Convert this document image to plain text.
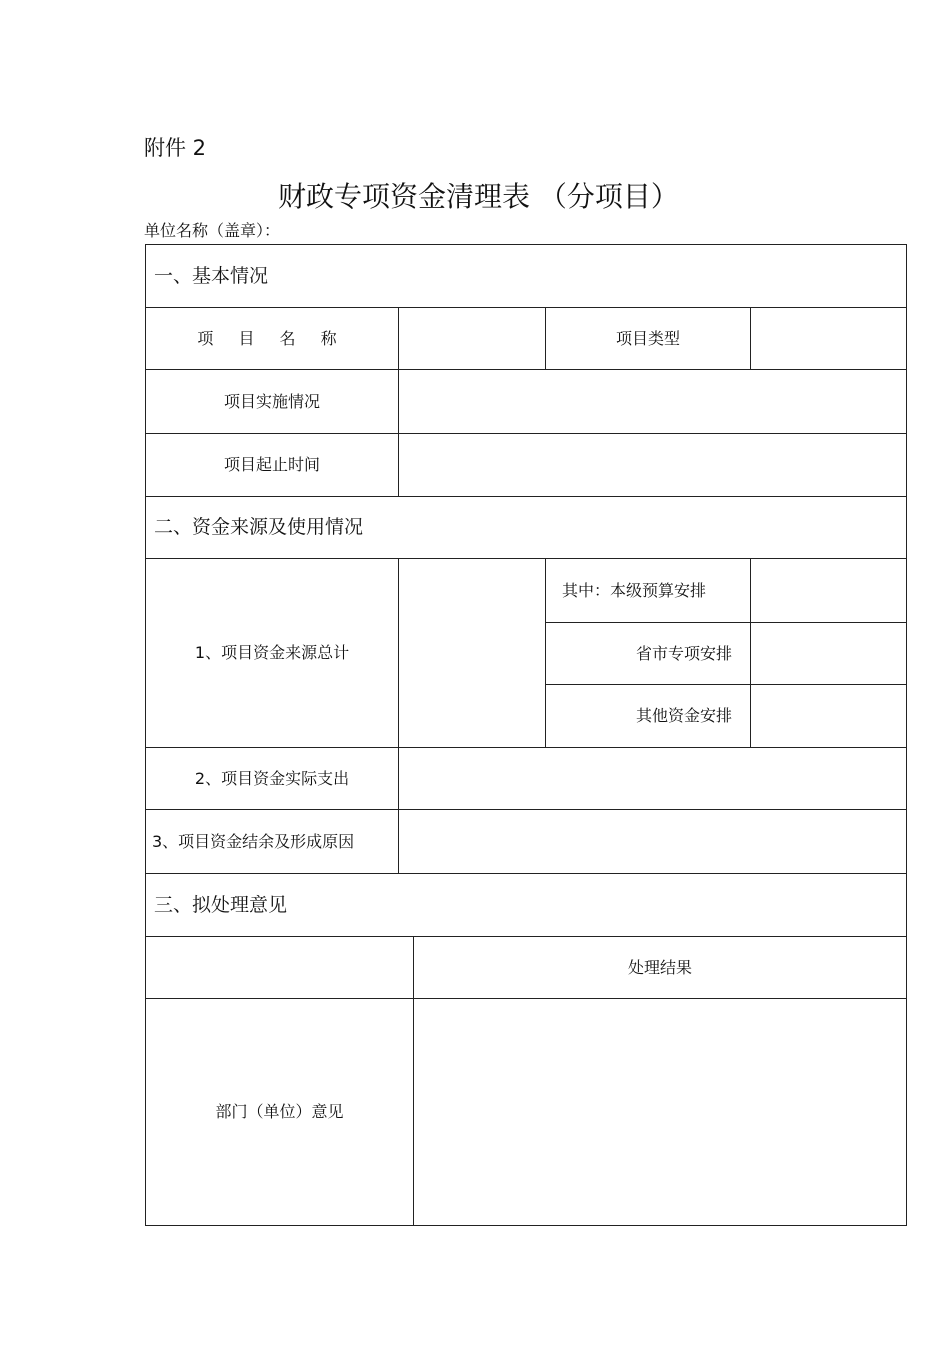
附件 2
财政专项资金清理表 （分项目）
单位名称（盖章）：
一、基本情况
项 目 名 称	项目类型
项目实施情况
项目起止时间
二、资金来源及使用情况
1、项目资金来源总计
其中：本级预算安排
省市专项安排
其他资金安排
2、项目资金实际支出
3、项目资金结余及形成原因
三、拟处理意见
处理结果
部门（单位）意见
